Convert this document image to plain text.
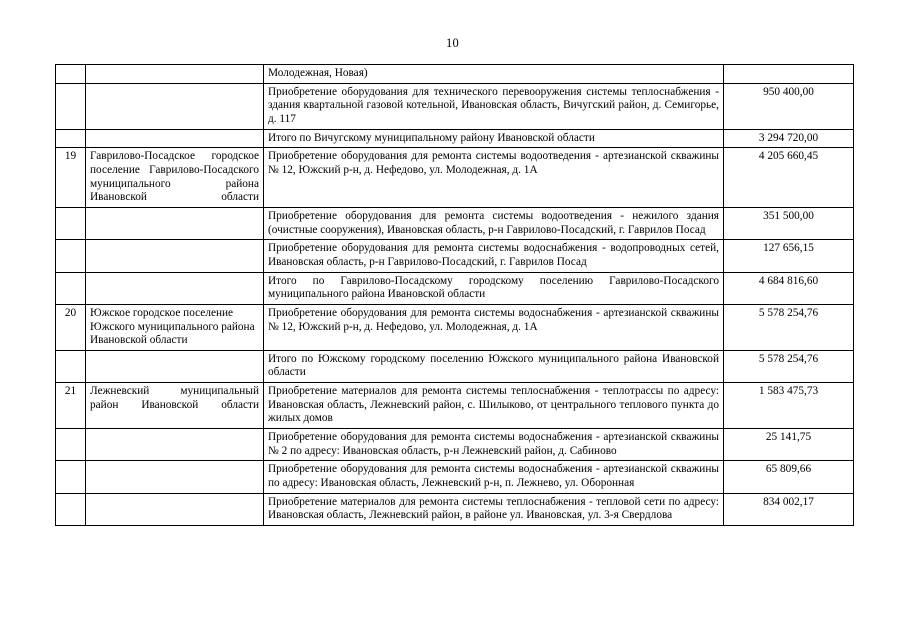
10
		Молодежная, Новая)	
		Приобретение оборудования для технического перевооружения системы теплоснабжения - здания квартальной газовой котельной, Ивановская область, Вичугский район, д. Семигорье, д. 117	950 400,00
		Итого по Вичугскому муниципальному району Ивановской области	3 294 720,00
19	Гаврилово-Посадское городское поселение Гаврилово-Посадского муниципального района Ивановской области	Приобретение оборудования для ремонта системы водоотведения - артезианской скважины № 12, Южский р-н, д. Нефедово, ул. Молодежная, д. 1А	4 205 660,45
		Приобретение оборудования для ремонта системы водоотведения - нежилого здания (очистные сооружения), Ивановская область, р-н Гаврилово-Посадский, г. Гаврилов Посад	351 500,00
		Приобретение оборудования для ремонта системы водоснабжения - водопроводных сетей, Ивановская область, р-н Гаврилово-Посадский, г. Гаврилов Посад	127 656,15
		Итого по Гаврилово-Посадскому городскому поселению Гаврилово-Посадского муниципального района Ивановской области	4 684 816,60
20	Южское городское поселение Южского муниципального района Ивановской области	Приобретение оборудования для ремонта системы водоснабжения - артезианской скважины № 12, Южский р-н, д. Нефедово, ул. Молодежная, д. 1А	5 578 254,76
		Итого по Южскому городскому поселению Южского муниципального района Ивановской области	5 578 254,76
21	Лежневский муниципальный район Ивановской области	Приобретение материалов для ремонта системы теплоснабжения - теплотрассы по адресу: Ивановская область, Лежневский район, с. Шилыково, от центрального теплового пункта до жилых домов	1 583 475,73
		Приобретение оборудования для ремонта системы водоснабжения - артезианской скважины № 2 по адресу: Ивановская область, р-н Лежневский район, д. Сабиново	25 141,75
		Приобретение оборудования для ремонта системы водоснабжения - артезианской скважины по адресу: Ивановская область, Лежневский р-н, п. Лежнево, ул. Оборонная	65 809,66
		Приобретение материалов для ремонта системы теплоснабжения - тепловой сети по адресу: Ивановская область, Лежневский район, в районе ул. Ивановская, ул. 3-я Свердлова	834 002,17
